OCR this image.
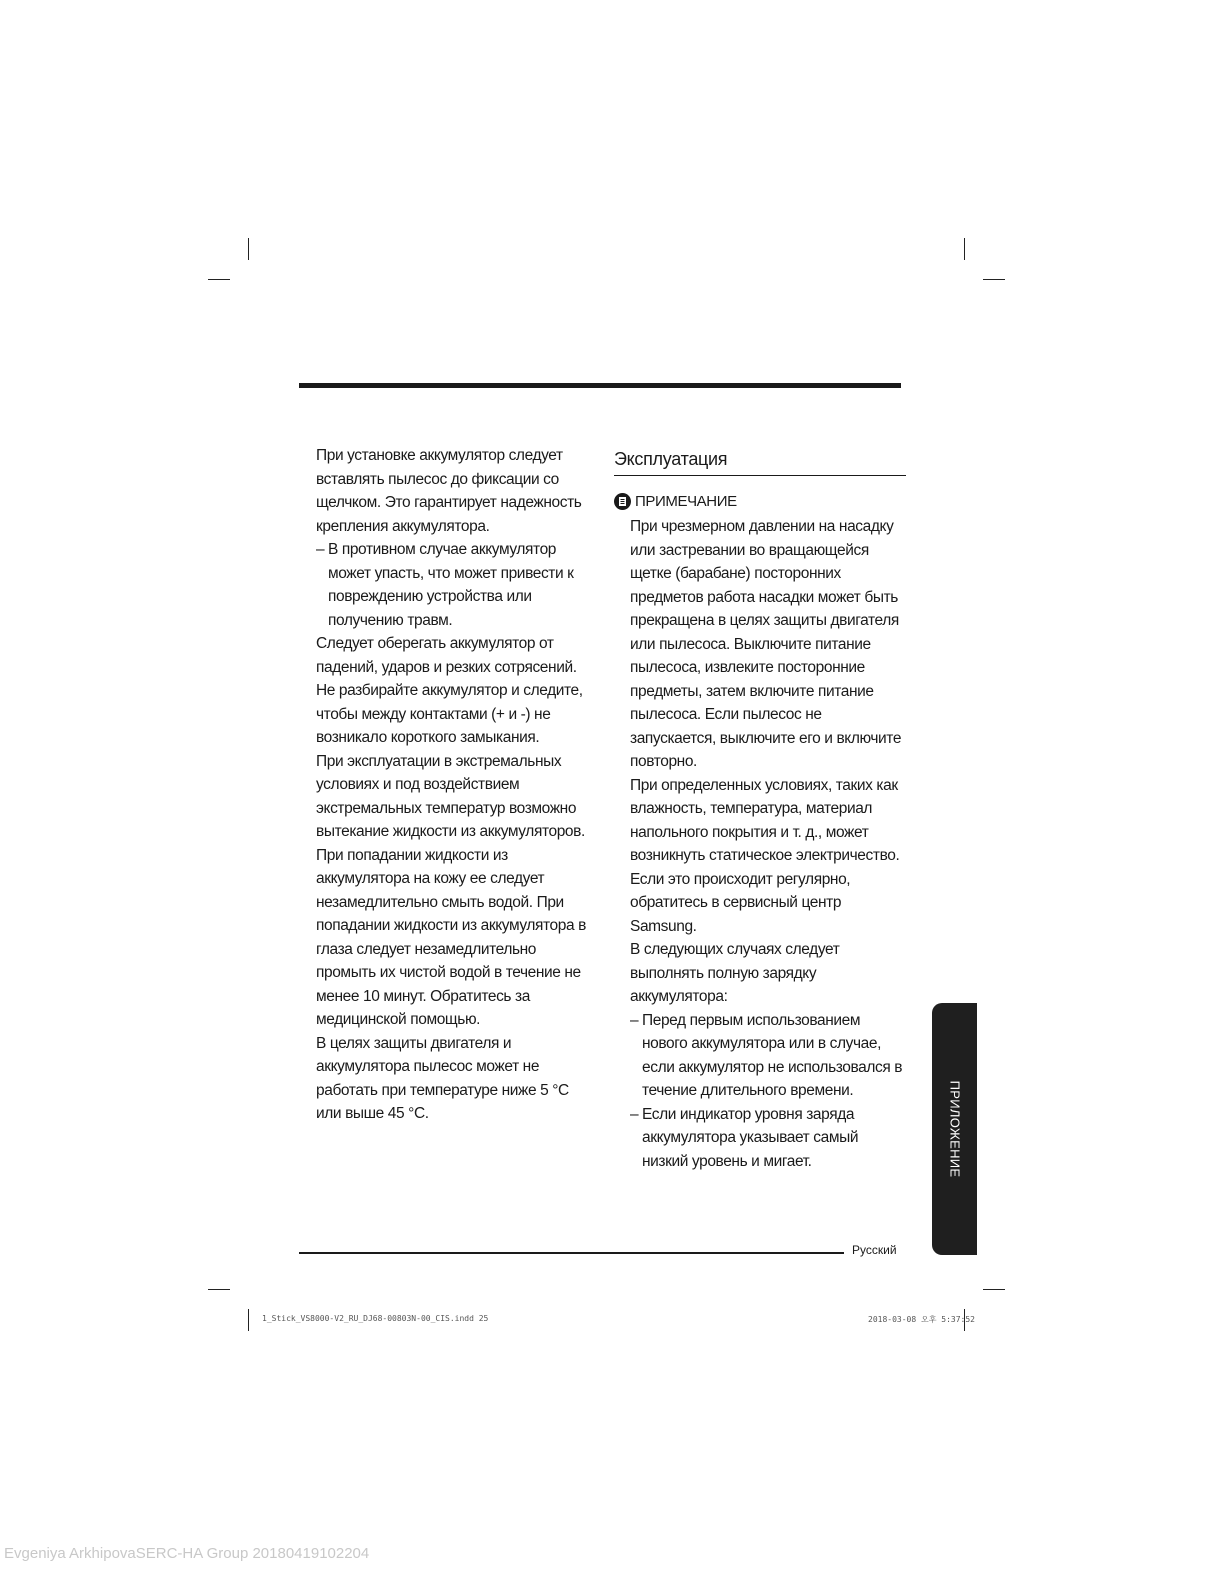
При установке аккумулятор следует вставлять пылесос до фиксации со щелчком. Это гарантирует надежность крепления аккумулятора.

– В противном случае аккумулятор может упасть, что может привести к повреждению устройства или получению травм.

Следует оберегать аккумулятор от падений, ударов и резких сотрясений.

Не разбирайте аккумулятор и следите, чтобы между контактами (+ и -) не возникало короткого замыкания.

При эксплуатации в экстремальных условиях и под воздействием экстремальных температур возможно вытекание жидкости из аккумуляторов. При попадании жидкости из аккумулятора на кожу ее следует незамедлительно смыть водой. При попадании жидкости из аккумулятора в глаза следует незамедлительно промыть их чистой водой в течение не менее 10 минут. Обратитесь за медицинской помощью.

В целях защиты двигателя и аккумулятора пылесос может не работать при температуре ниже 5 °C или выше 45 °C.

Эксплуатация
ПРИМЕЧАНИЕ

При чрезмерном давлении на насадку или застревании во вращающейся щетке (барабане) посторонних предметов работа насадки может быть прекращена в целях защиты двигателя или пылесоса. Выключите питание пылесоса, извлеките посторонние предметы, затем включите питание пылесоса. Если пылесос не запускается, выключите его и включите повторно.

При определенных условиях, таких как влажность, температура, материал напольного покрытия и т. д., может возникнуть статическое электричество. Если это происходит регулярно, обратитесь в сервисный центр Samsung.

В следующих случаях следует выполнять полную зарядку аккумулятора:

– Перед первым использованием нового аккумулятора или в случае, если аккумулятор не использовался в течение длительного времени.
– Если индикатор уровня заряда аккумулятора указывает самый низкий уровень и мигает.	ПРИЛОЖЕНИЕ
Русский
1_Stick_VS8000-V2_RU_DJ68-00803N-00_CIS.indd 25	2018-03-08 오후 5:37:52
Evgeniya ArkhipovaSERC-HA Group 20180419102204
